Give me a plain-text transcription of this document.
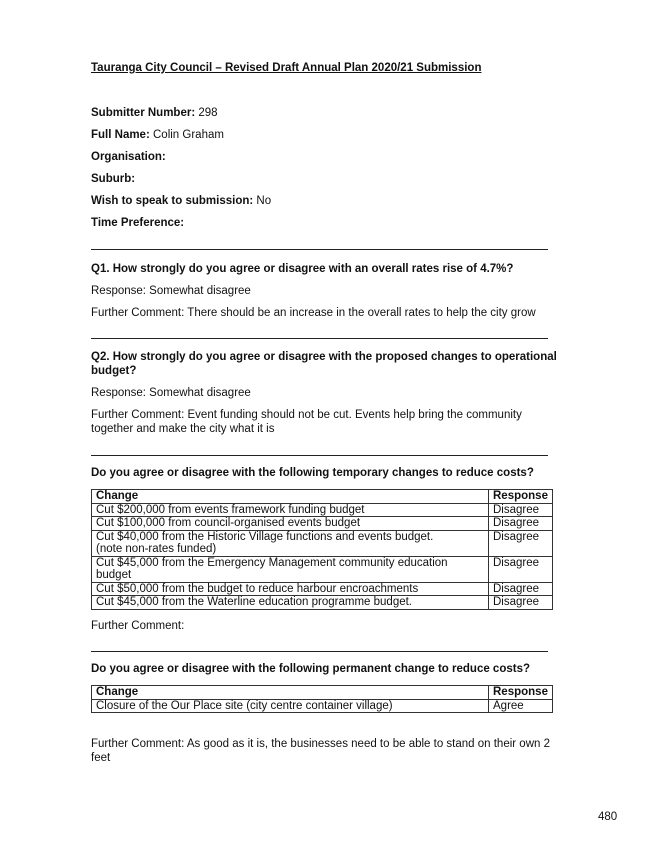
Tauranga City Council – Revised Draft Annual Plan 2020/21 Submission
Submitter Number: 298
Full Name: Colin Graham
Organisation:
Suburb:
Wish to speak to submission: No
Time Preference:
Q1. How strongly do you agree or disagree with an overall rates rise of 4.7%?
Response: Somewhat disagree
Further Comment: There should be an increase in the overall rates to help the city grow
Q2. How strongly do you agree or disagree with the proposed changes to operational
budget?
Response: Somewhat disagree
Further Comment: Event funding should not be cut. Events help bring the community
together and make the city what it is
Do you agree or disagree with the following temporary changes to reduce costs?
Change	Response
Cut $200,000 from events framework funding budget	Disagree
Cut $100,000 from council-organised events budget	Disagree

Cut $40,000 from the Historic Village functions and events budget.
(note non-rates funded)	Disagree
Cut $45,000 from the Emergency Management community education budget	Disagree
Cut $50,000 from the budget to reduce harbour encroachments	Disagree
Cut $45,000 from the Waterline education programme budget.	Disagree
Further Comment:
Do you agree or disagree with the following permanent change to reduce costs?
Change	Response
Closure of the Our Place site (city centre container village)	Agree
Further Comment: As good as it is, the businesses need to be able to stand on their own 2
feet
480
